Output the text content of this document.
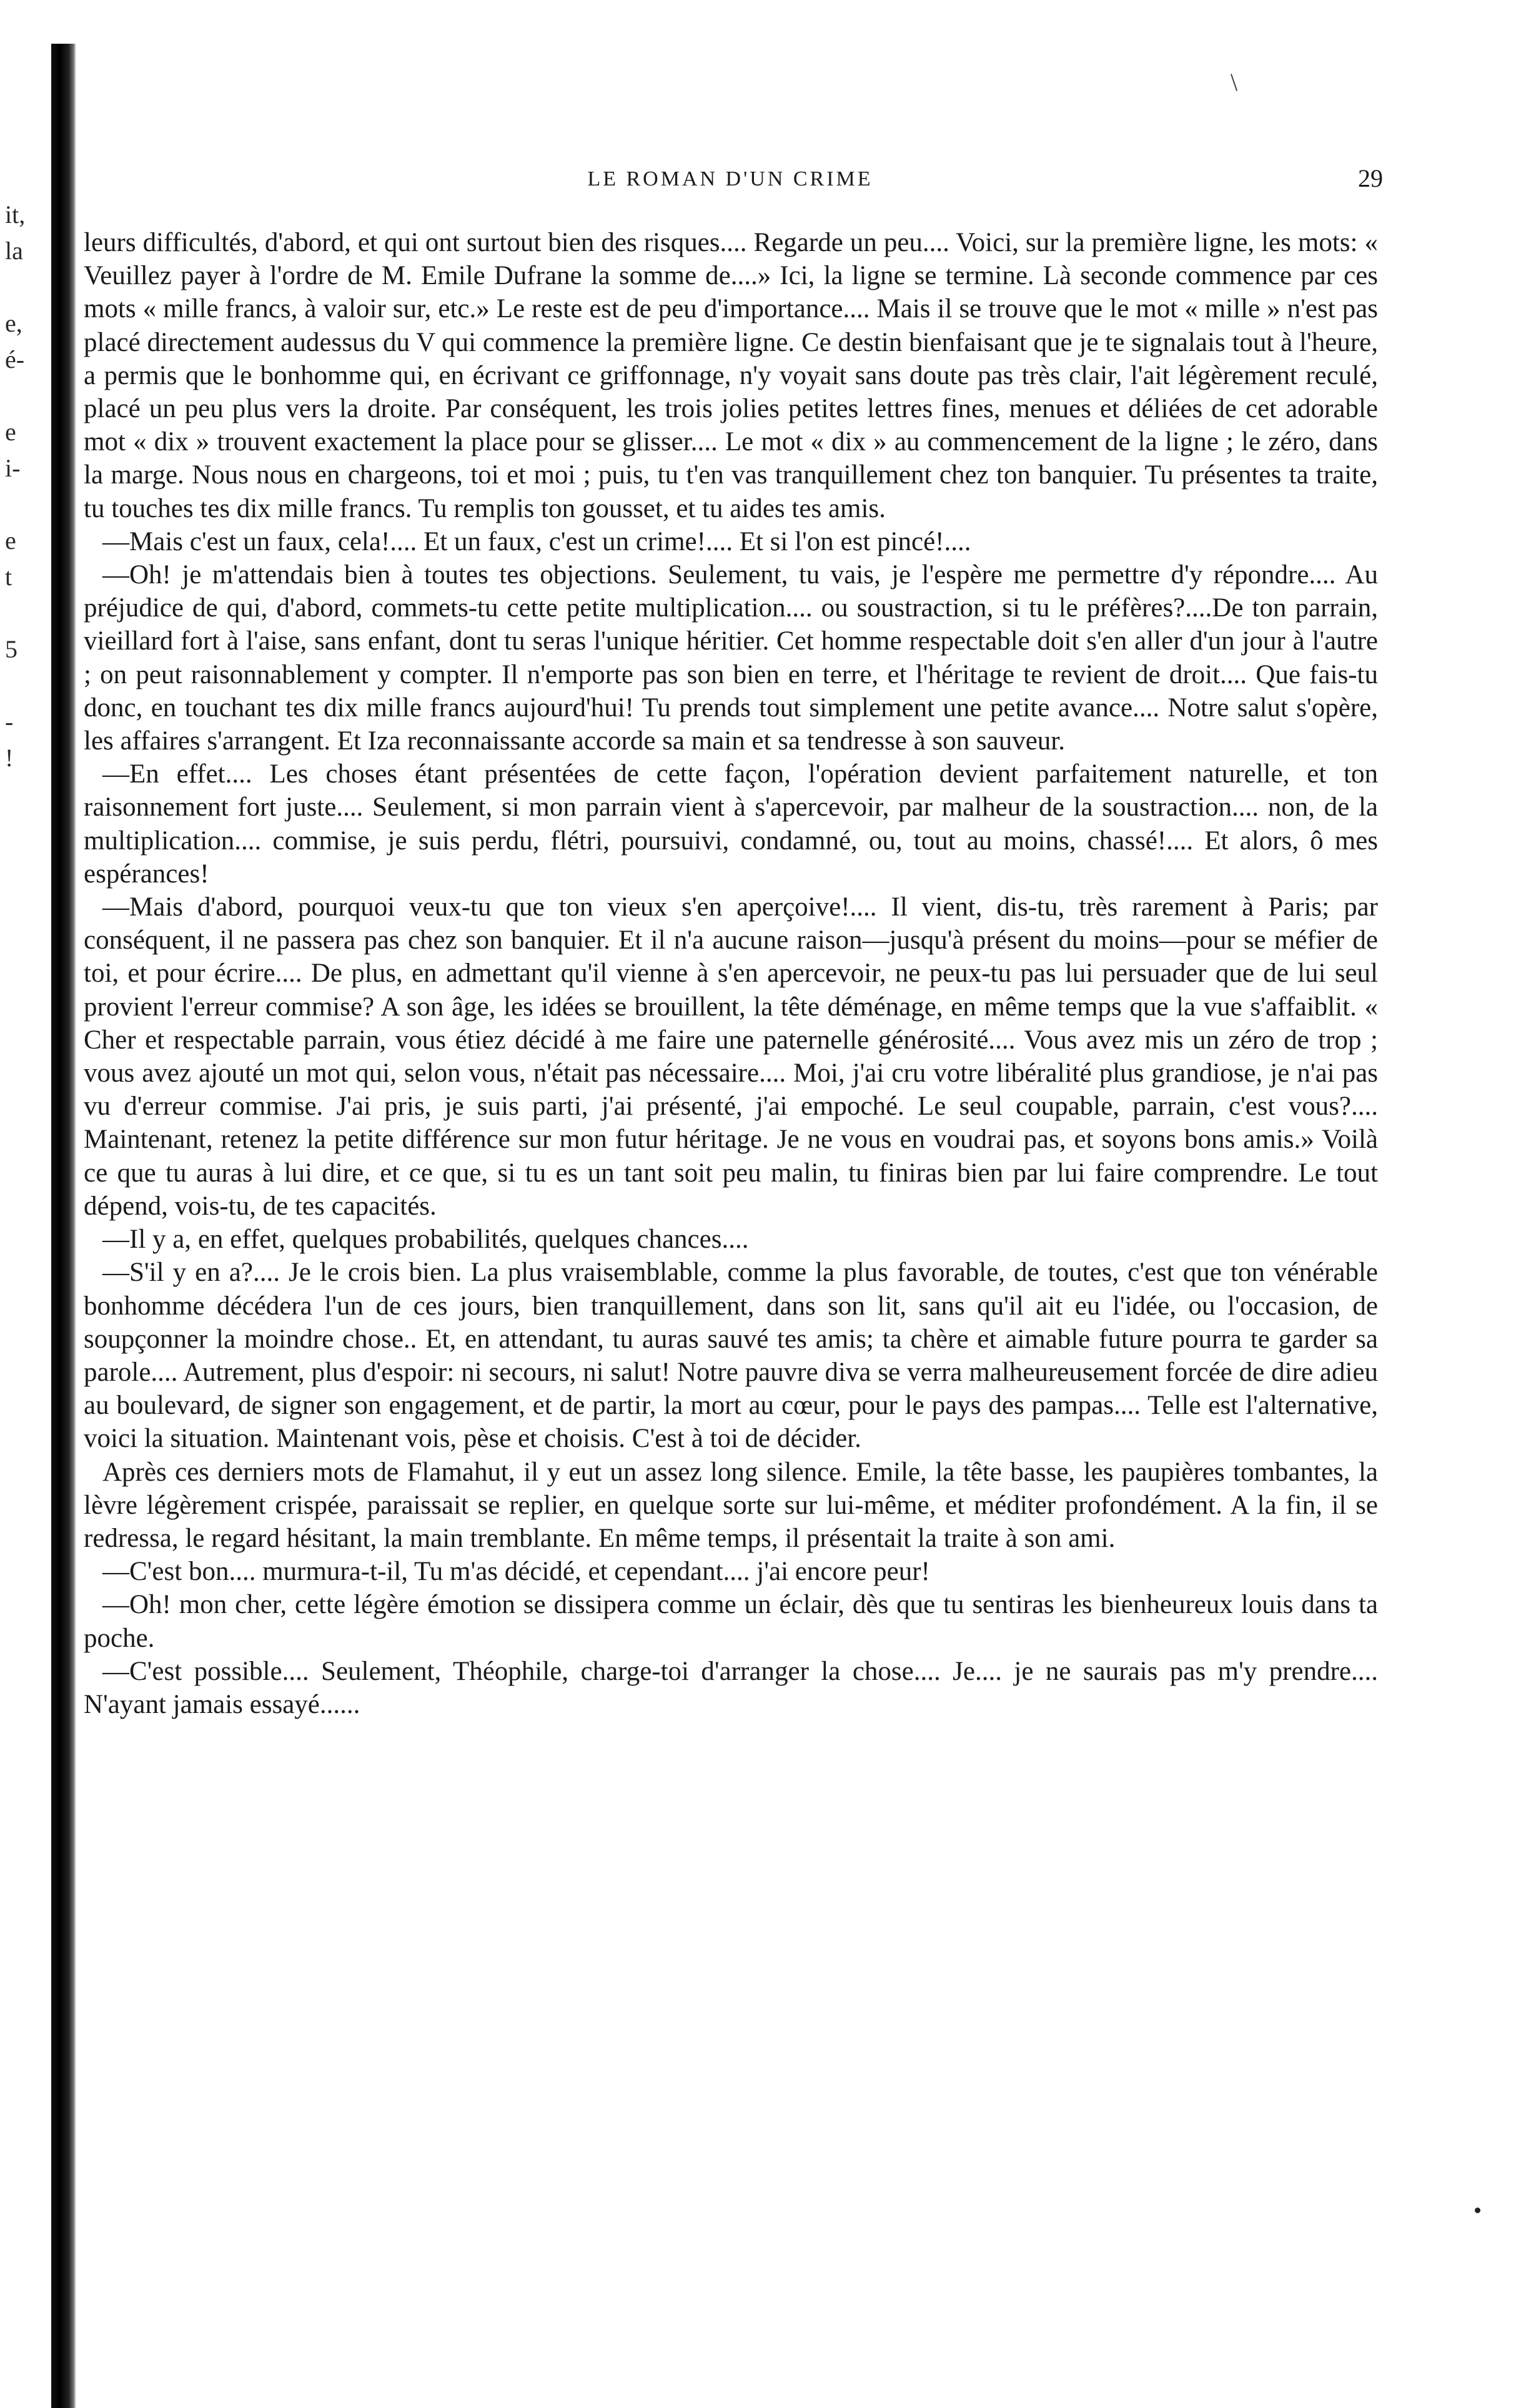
it,
la
e,
é-
e
i-
e
t
5
-
!
\
LE ROMAN D'UN CRIME	29

leurs difficultés, d'abord, et qui ont surtout bien des risques.... Regarde un peu.... Voici, sur la première ligne, les mots: « Veuillez payer à l'ordre de M. Emile Dufrane la somme de....» Ici, la ligne se termine. Là seconde commence par ces mots « mille francs, à valoir sur, etc.» Le reste est de peu d'importance.... Mais il se trouve que le mot « mille » n'est pas placé directement audessus du V qui commence la première ligne. Ce destin bienfaisant que je te signalais tout à l'heure, a permis que le bonhomme qui, en écrivant ce griffonnage, n'y voyait sans doute pas très clair, l'ait légèrement reculé, placé un peu plus vers la droite. Par conséquent, les trois jolies petites lettres fines, menues et déliées de cet adorable mot « dix » trouvent exactement la place pour se glisser.... Le mot « dix » au commencement de la ligne ; le zéro, dans la marge. Nous nous en chargeons, toi et moi ; puis, tu t'en vas tranquillement chez ton banquier. Tu présentes ta traite, tu touches tes dix mille francs. Tu remplis ton gousset, et tu aides tes amis.

—Mais c'est un faux, cela!.... Et un faux, c'est un crime!.... Et si l'on est pincé!....

—Oh! je m'attendais bien à toutes tes objections. Seulement, tu vais, je l'espère me permettre d'y répondre.... Au préjudice de qui, d'abord, commets-tu cette petite multiplication.... ou soustraction, si tu le préfères?....De ton parrain, vieillard fort à l'aise, sans enfant, dont tu seras l'unique héritier. Cet homme respectable doit s'en aller d'un jour à l'autre ; on peut raisonnablement y compter. Il n'emporte pas son bien en terre, et l'héritage te revient de droit.... Que fais-tu donc, en touchant tes dix mille francs aujourd'hui! Tu prends tout simplement une petite avance.... Notre salut s'opère, les affaires s'arrangent. Et Iza reconnaissante accorde sa main et sa tendresse à son sauveur.

—En effet.... Les choses étant présentées de cette façon, l'opération devient parfaitement naturelle, et ton raisonnement fort juste.... Seulement, si mon parrain vient à s'apercevoir, par malheur de la soustraction.... non, de la multiplication.... commise, je suis perdu, flétri, poursuivi, condamné, ou, tout au moins, chassé!.... Et alors, ô mes espérances!

—Mais d'abord, pourquoi veux-tu que ton vieux s'en aperçoive!.... Il vient, dis-tu, très rarement à Paris; par conséquent, il ne passera pas chez son banquier. Et il n'a aucune raison—jusqu'à présent du moins—pour se méfier de toi, et pour écrire.... De plus, en admettant qu'il vienne à s'en apercevoir, ne peux-tu pas lui persuader que de lui seul provient l'erreur commise? A son âge, les idées se brouillent, la tête déménage, en même temps que la vue s'affaiblit. « Cher et respectable parrain, vous étiez décidé à me faire une paternelle générosité.... Vous avez mis un zéro de trop ; vous avez ajouté un mot qui, selon vous, n'était pas nécessaire.... Moi, j'ai cru votre libéralité plus grandiose, je n'ai pas vu d'erreur commise. J'ai pris, je suis parti, j'ai présenté, j'ai empoché. Le seul coupable, parrain, c'est vous?.... Maintenant, retenez la petite différence sur mon futur héritage. Je ne vous en voudrai pas, et soyons bons amis.» Voilà ce que tu auras à lui dire, et ce que, si tu es un tant soit peu malin, tu finiras bien par lui faire comprendre. Le tout dépend, vois-tu, de tes capacités.

—Il y a, en effet, quelques probabilités, quelques chances....

—S'il y en a?.... Je le crois bien. La plus vraisemblable, comme la plus favorable, de toutes, c'est que ton vénérable bonhomme décédera l'un de ces jours, bien tranquillement, dans son lit, sans qu'il ait eu l'idée, ou l'occasion, de soupçonner la moindre chose.. Et, en attendant, tu auras sauvé tes amis; ta chère et aimable future pourra te garder sa parole.... Autrement, plus d'espoir: ni secours, ni salut! Notre pauvre diva se verra malheureusement forcée de dire adieu au boulevard, de signer son engagement, et de partir, la mort au cœur, pour le pays des pampas.... Telle est l'alternative, voici la situation. Maintenant vois, pèse et choisis. C'est à toi de décider.

Après ces derniers mots de Flamahut, il y eut un assez long silence. Emile, la tête basse, les paupières tombantes, la lèvre légèrement crispée, paraissait se replier, en quelque sorte sur lui-même, et méditer profondément. A la fin, il se redressa, le regard hésitant, la main tremblante. En même temps, il présentait la traite à son ami.

—C'est bon.... murmura-t-il, Tu m'as décidé, et cependant.... j'ai encore peur!

—Oh! mon cher, cette légère émotion se dissipera comme un éclair, dès que tu sentiras les bienheureux louis dans ta poche.

—C'est possible.... Seulement, Théophile, charge-toi d'arranger la chose.... Je.... je ne saurais pas m'y prendre.... N'ayant jamais essayé......
